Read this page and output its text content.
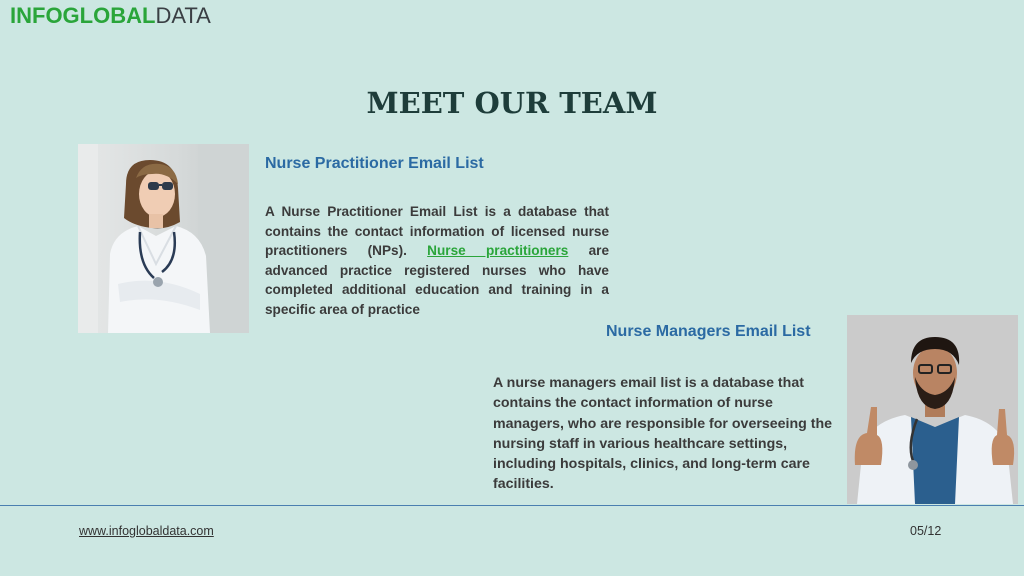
INFOGLOBALDATA
MEET OUR TEAM
Nurse Practitioner Email List
A Nurse Practitioner Email List is a database that contains the contact information of licensed nurse practitioners (NPs). Nurse practitioners are advanced practice registered nurses who have completed additional education and training in a specific area of practice
Nurse Managers Email List
A nurse managers email list is a database that contains the contact information of nurse managers, who are responsible for overseeing the nursing staff in various healthcare settings, including hospitals, clinics, and long-term care facilities.
www.infoglobaldata.com	05/12
